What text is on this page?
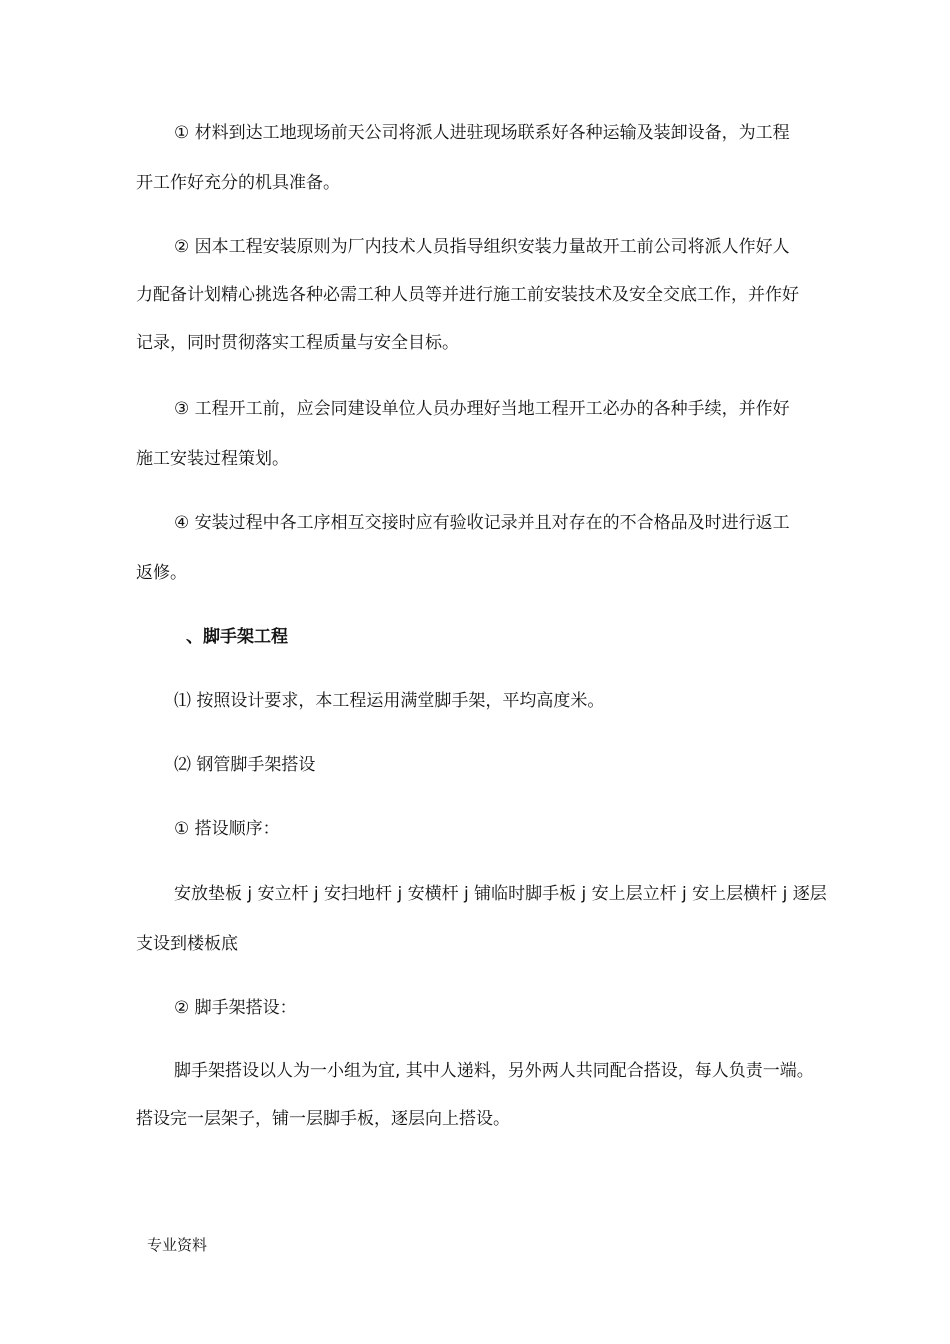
① 材料到达工地现场前天公司将派人进驻现场联系好各种运输及装卸设备，为工程
开工作好充分的机具准备。
② 因本工程安装原则为厂内技术人员指导组织安装力量故开工前公司将派人作好人
力配备计划精心挑选各种必需工种人员等并进行施工前安装技术及安全交底工作，并作好
记录，同时贯彻落实工程质量与安全目标。
③ 工程开工前，应会同建设单位人员办理好当地工程开工必办的各种手续，并作好
施工安装过程策划。
④ 安装过程中各工序相互交接时应有验收记录并且对存在的不合格品及时进行返工
返修。
、脚手架工程
⑴ 按照设计要求，本工程运用满堂脚手架，平均高度米。
⑵ 钢管脚手架搭设
① 搭设顺序：
安放垫板 j 安立杆 j 安扫地杆 j 安横杆 j 铺临时脚手板 j 安上层立杆 j 安上层横杆 j 逐层
支设到楼板底
② 脚手架搭设：
脚手架搭设以人为一小组为宜, 其中人递料，另外两人共同配合搭设，每人负责一端。
搭设完一层架子，铺一层脚手板，逐层向上搭设。
专业资料
